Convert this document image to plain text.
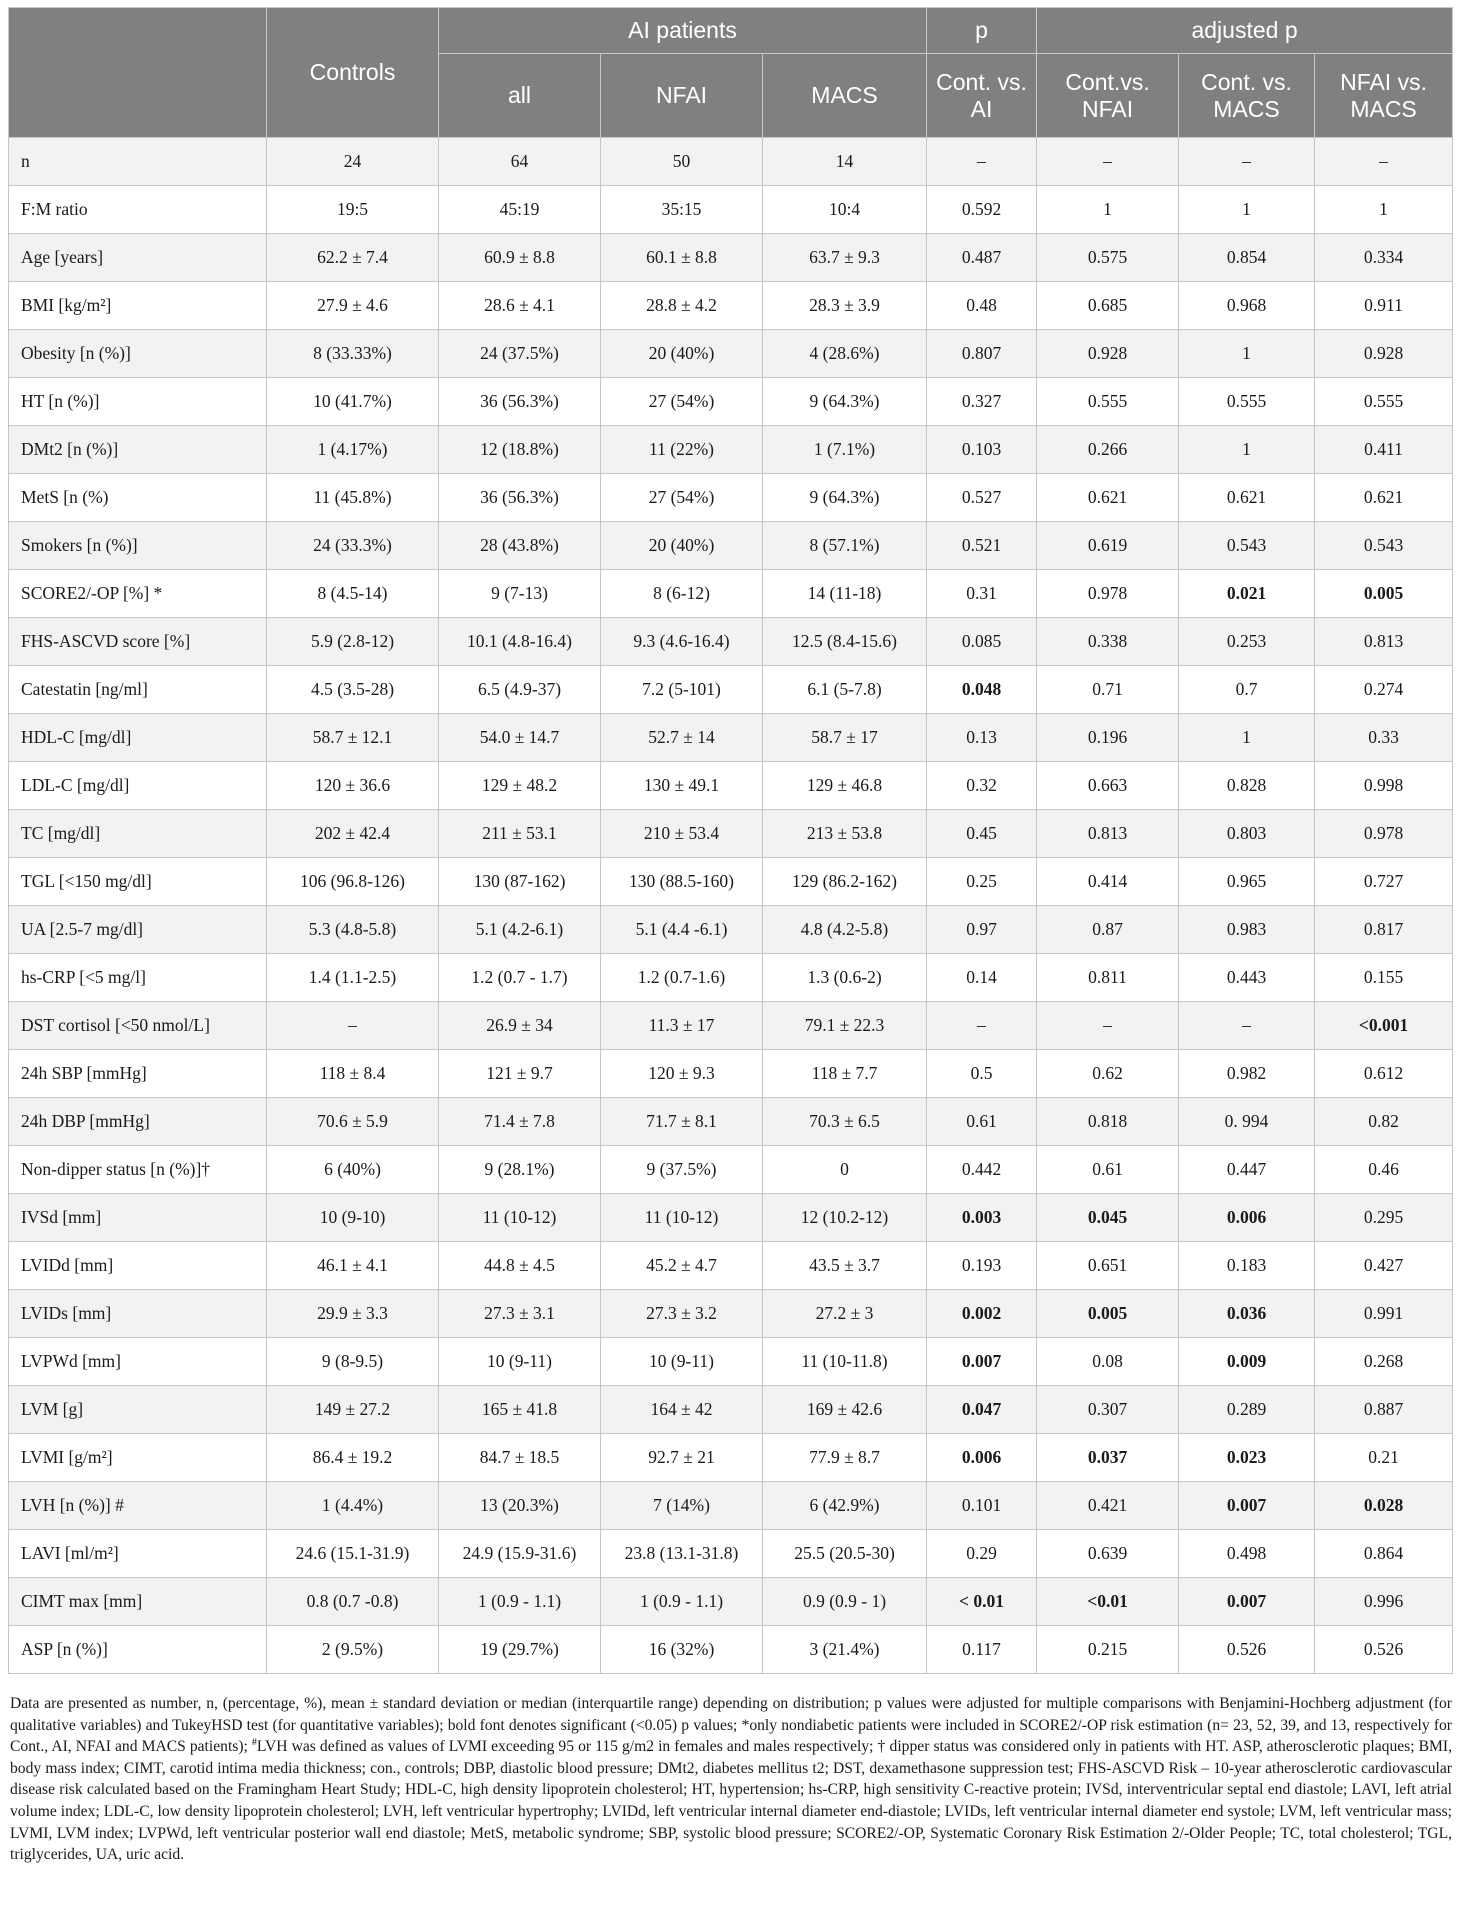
	Controls	AI patients			p	adjusted p		
		all	NFAI	MACS	Cont. vs. AI	Cont.vs. NFAI	Cont. vs. MACS	NFAI vs. MACS
n	24	64	50	14	–	–	–	–
F:M ratio	19:5	45:19	35:15	10:4	0.592	1	1	1
Age [years]	62.2 ± 7.4	60.9 ± 8.8	60.1 ± 8.8	63.7 ± 9.3	0.487	0.575	0.854	0.334
BMI [kg/m²]	27.9 ± 4.6	28.6 ± 4.1	28.8 ± 4.2	28.3 ± 3.9	0.48	0.685	0.968	0.911
Obesity [n (%)]	8 (33.33%)	24 (37.5%)	20 (40%)	4 (28.6%)	0.807	0.928	1	0.928
HT [n (%)]	10 (41.7%)	36 (56.3%)	27 (54%)	9 (64.3%)	0.327	0.555	0.555	0.555
DMt2 [n (%)]	1 (4.17%)	12 (18.8%)	11 (22%)	1 (7.1%)	0.103	0.266	1	0.411
MetS [n (%)	11 (45.8%)	36 (56.3%)	27 (54%)	9 (64.3%)	0.527	0.621	0.621	0.621
Smokers [n (%)]	24 (33.3%)	28 (43.8%)	20 (40%)	8 (57.1%)	0.521	0.619	0.543	0.543
SCORE2/-OP [%] *	8 (4.5-14)	9 (7-13)	8 (6-12)	14 (11-18)	0.31	0.978	0.021	0.005
FHS-ASCVD score [%]	5.9 (2.8-12)	10.1 (4.8-16.4)	9.3 (4.6-16.4)	12.5 (8.4-15.6)	0.085	0.338	0.253	0.813
Catestatin [ng/ml]	4.5 (3.5-28)	6.5 (4.9-37)	7.2 (5-101)	6.1 (5-7.8)	0.048	0.71	0.7	0.274
HDL-C [mg/dl]	58.7 ± 12.1	54.0 ± 14.7	52.7 ± 14	58.7 ± 17	0.13	0.196	1	0.33
LDL-C [mg/dl]	120 ± 36.6	129 ± 48.2	130 ± 49.1	129 ± 46.8	0.32	0.663	0.828	0.998
TC [mg/dl]	202 ± 42.4	211 ± 53.1	210 ± 53.4	213 ± 53.8	0.45	0.813	0.803	0.978
TGL [<150 mg/dl]	106 (96.8-126)	130 (87-162)	130 (88.5-160)	129 (86.2-162)	0.25	0.414	0.965	0.727
UA [2.5-7 mg/dl]	5.3 (4.8-5.8)	5.1 (4.2-6.1)	5.1 (4.4 -6.1)	4.8 (4.2-5.8)	0.97	0.87	0.983	0.817
hs-CRP [<5 mg/l]	1.4 (1.1-2.5)	1.2 (0.7 - 1.7)	1.2 (0.7-1.6)	1.3 (0.6-2)	0.14	0.811	0.443	0.155
DST cortisol [<50 nmol/L]	–	26.9 ± 34	11.3 ± 17	79.1 ± 22.3	–	–	–	<0.001
24h SBP [mmHg]	118 ± 8.4	121 ± 9.7	120 ± 9.3	118 ± 7.7	0.5	0.62	0.982	0.612
24h DBP [mmHg]	70.6 ± 5.9	71.4 ± 7.8	71.7 ± 8.1	70.3 ± 6.5	0.61	0.818	0. 994	0.82
Non-dipper status [n (%)]†	6 (40%)	9 (28.1%)	9 (37.5%)	0	0.442	0.61	0.447	0.46
IVSd [mm]	10 (9-10)	11 (10-12)	11 (10-12)	12 (10.2-12)	0.003	0.045	0.006	0.295
LVIDd [mm]	46.1 ± 4.1	44.8 ± 4.5	45.2 ± 4.7	43.5 ± 3.7	0.193	0.651	0.183	0.427
LVIDs [mm]	29.9 ± 3.3	27.3 ± 3.1	27.3 ± 3.2	27.2 ± 3	0.002	0.005	0.036	0.991
LVPWd [mm]	9 (8-9.5)	10 (9-11)	10 (9-11)	11 (10-11.8)	0.007	0.08	0.009	0.268
LVM [g]	149 ± 27.2	165 ± 41.8	164 ± 42	169 ± 42.6	0.047	0.307	0.289	0.887
LVMI [g/m²]	86.4 ± 19.2	84.7 ± 18.5	92.7 ± 21	77.9 ± 8.7	0.006	0.037	0.023	0.21
LVH [n (%)] #	1 (4.4%)	13 (20.3%)	7 (14%)	6 (42.9%)	0.101	0.421	0.007	0.028
LAVI [ml/m²]	24.6 (15.1-31.9)	24.9 (15.9-31.6)	23.8 (13.1-31.8)	25.5 (20.5-30)	0.29	0.639	0.498	0.864
CIMT max [mm]	0.8 (0.7 -0.8)	1 (0.9 - 1.1)	1 (0.9 - 1.1)	0.9 (0.9 - 1)	< 0.01	<0.01	0.007	0.996
ASP [n (%)]	2 (9.5%)	19 (29.7%)	16 (32%)	3 (21.4%)	0.117	0.215	0.526	0.526
Data are presented as number, n, (percentage, %), mean ± standard deviation or median (interquartile range) depending on distribution; p values were adjusted for multiple comparisons with Benjamini-Hochberg adjustment (for qualitative variables) and TukeyHSD test (for quantitative variables); bold font denotes significant (<0.05) p values; *only nondiabetic patients were included in SCORE2/-OP risk estimation (n= 23, 52, 39, and 13, respectively for Cont., AI, NFAI and MACS patients); #LVH was defined as values of LVMI exceeding 95 or 115 g/m2 in females and males respectively; † dipper status was considered only in patients with HT. ASP, atherosclerotic plaques; BMI, body mass index; CIMT, carotid intima media thickness; con., controls; DBP, diastolic blood pressure; DMt2, diabetes mellitus t2; DST, dexamethasone suppression test; FHS-ASCVD Risk – 10-year atherosclerotic cardiovascular disease risk calculated based on the Framingham Heart Study; HDL-C, high density lipoprotein cholesterol; HT, hypertension; hs-CRP, high sensitivity C-reactive protein; IVSd, interventricular septal end diastole; LAVI, left atrial volume index; LDL-C, low density lipoprotein cholesterol; LVH, left ventricular hypertrophy; LVIDd, left ventricular internal diameter end-diastole; LVIDs, left ventricular internal diameter end systole; LVM, left ventricular mass; LVMI, LVM index; LVPWd, left ventricular posterior wall end diastole; MetS, metabolic syndrome; SBP, systolic blood pressure; SCORE2/-OP, Systematic Coronary Risk Estimation 2/-Older People; TC, total cholesterol; TGL, triglycerides, UA, uric acid.
